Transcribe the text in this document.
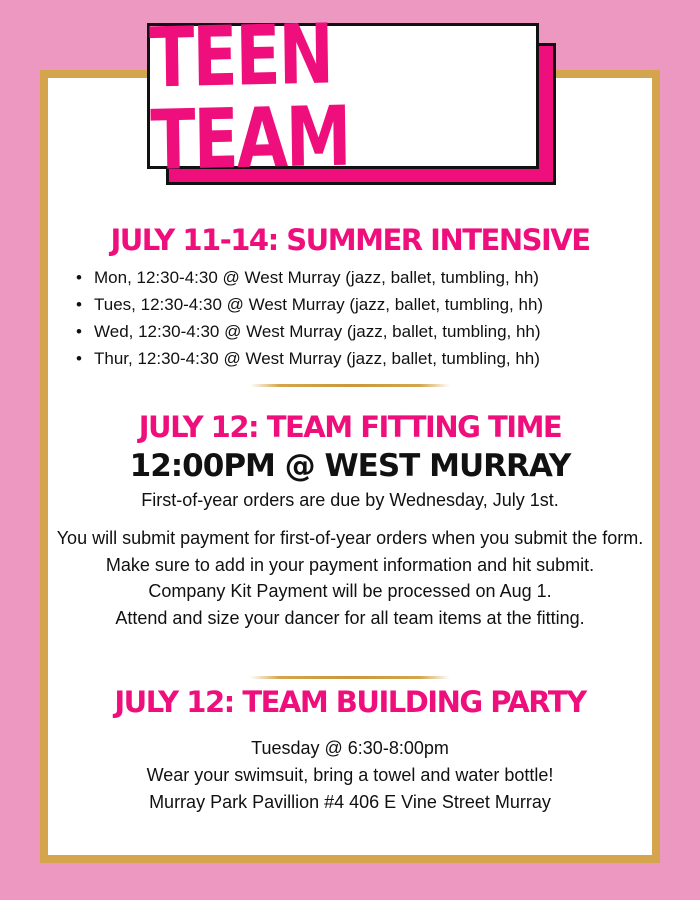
TEEN TEAM
JULY 11-14: SUMMER INTENSIVE
• Mon, 12:30-4:30 @ West Murray (jazz, ballet, tumbling, hh)
• Tues, 12:30-4:30 @ West Murray (jazz, ballet, tumbling, hh)
• Wed, 12:30-4:30 @ West Murray (jazz, ballet, tumbling, hh)
• Thur, 12:30-4:30 @ West Murray (jazz, ballet, tumbling, hh)
JULY 12: TEAM FITTING TIME
12:00PM @ WEST MURRAY

First-of-year orders are due by Wednesday, July 1st.

You will submit payment for first-of-year orders when you submit the form. Make sure to add in your payment information and hit submit.

Company Kit Payment will be processed on Aug 1.

Attend and size your dancer for all team items at the fitting.

JULY 12: TEAM BUILDING PARTY

Tuesday @ 6:30-8:00pm

Wear your swimsuit, bring a towel and water bottle!

Murray Park Pavillion #4 406 E Vine Street Murray
